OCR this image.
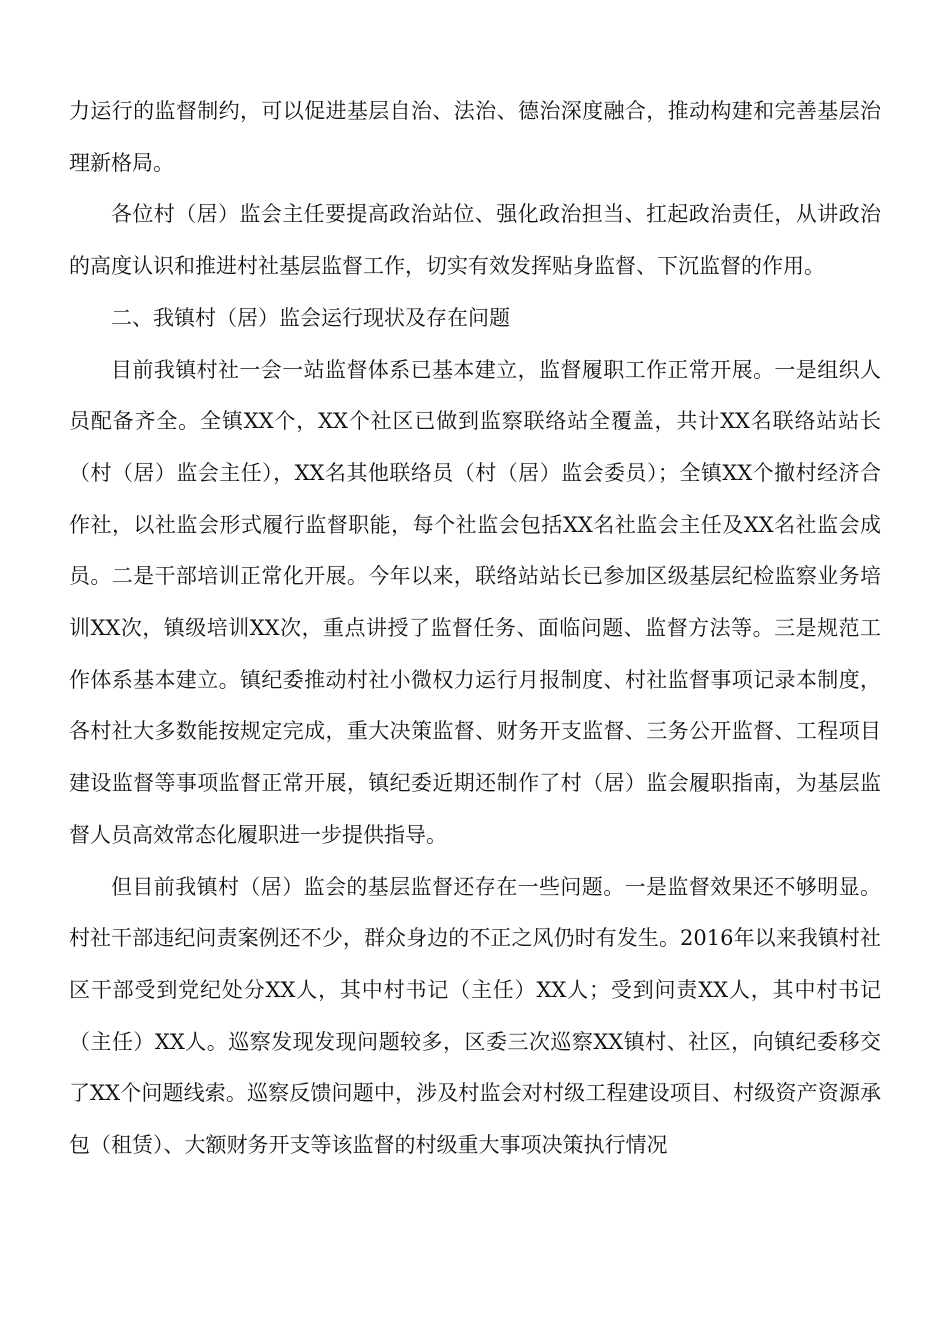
力运行的监督制约，可以促进基层自治、法治、德治深度融合，推动构建和完善基层治理新格局。

各位村（居）监会主任要提高政治站位、强化政治担当、扛起政治责任，从讲政治的高度认识和推进村社基层监督工作，切实有效发挥贴身监督、下沉监督的作用。

二、我镇村（居）监会运行现状及存在问题

目前我镇村社一会一站监督体系已基本建立，监督履职工作正常开展。一是组织人员配备齐全。全镇XX个，XX个社区已做到监察联络站全覆盖，共计XX名联络站站长（村（居）监会主任），XX名其他联络员（村（居）监会委员）；全镇XX个撤村经济合作社，以社监会形式履行监督职能，每个社监会包括XX名社监会主任及XX名社监会成员。二是干部培训正常化开展。今年以来，联络站站长已参加区级基层纪检监察业务培训XX次，镇级培训XX次，重点讲授了监督任务、面临问题、监督方法等。三是规范工作体系基本建立。镇纪委推动村社小微权力运行月报制度、村社监督事项记录本制度，各村社大多数能按规定完成，重大决策监督、财务开支监督、三务公开监督、工程项目建设监督等事项监督正常开展，镇纪委近期还制作了村（居）监会履职指南，为基层监督人员高效常态化履职进一步提供指导。

但目前我镇村（居）监会的基层监督还存在一些问题。一是监督效果还不够明显。村社干部违纪问责案例还不少，群众身边的不正之风仍时有发生。2016年以来我镇村社区干部受到党纪处分XX人，其中村书记（主任）XX人；受到问责XX人，其中村书记（主任）XX人。巡察发现发现问题较多，区委三次巡察XX镇村、社区，向镇纪委移交了XX个问题线索。巡察反馈问题中，涉及村监会对村级工程建设项目、村级资产资源承包（租赁）、大额财务开支等该监督的村级重大事项决策执行情况
